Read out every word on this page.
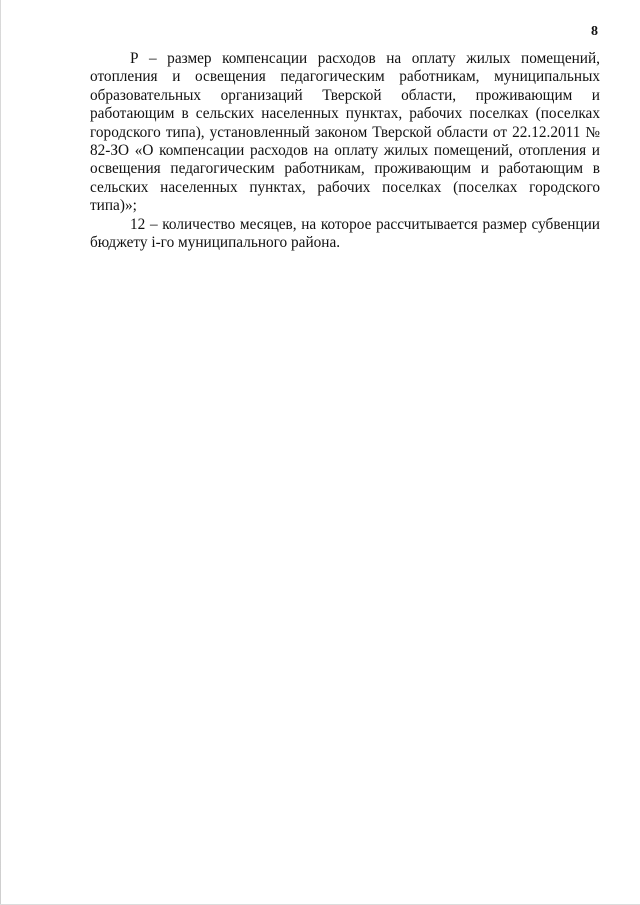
8

Р – размер компенсации расходов на оплату жилых помещений, отопления и освещения педагогическим работникам, муниципальных образовательных организаций Тверской области, проживающим и работающим в сельских населенных пунктах, рабочих поселках (поселках городского типа), установленный законом Тверской области от 22.12.2011 № 82-ЗО «О компенсации расходов на оплату жилых помещений, отопления и освещения педагогическим работникам, проживающим и работающим в сельских населенных пунктах, рабочих поселках (поселках городского типа)»;

12 – количество месяцев, на которое рассчитывается размер субвенции бюджету i-го муниципального района.
